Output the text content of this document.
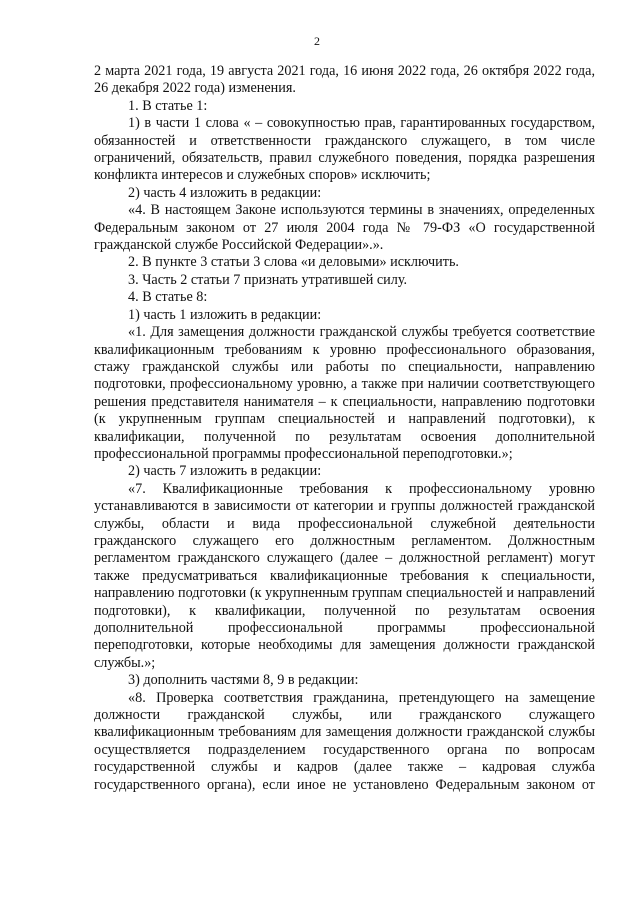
2

2 марта 2021 года, 19 августа 2021 года, 16 июня 2022 года, 26 октября 2022 года, 26 декабря 2022 года) изменения.

1. В статье 1:

1) в части 1 слова « – совокупностью прав, гарантированных государством, обязанностей и ответственности гражданского служащего, в том числе ограничений, обязательств, правил служебного поведения, порядка разрешения конфликта интересов и служебных споров» исключить;

2) часть 4 изложить в редакции:

«4. В настоящем Законе используются термины в значениях, определенных Федеральным законом от 27 июля 2004 года № 79-ФЗ «О государственной гражданской службе Российской Федерации».».

2. В пункте 3 статьи 3 слова «и деловыми» исключить.

3. Часть 2 статьи 7 признать утратившей силу.

4. В статье 8:

1) часть 1 изложить в редакции:

«1. Для замещения должности гражданской службы требуется соответствие квалификационным требованиям к уровню профессионального образования, стажу гражданской службы или работы по специальности, направлению подготовки, профессиональному уровню, а также при наличии соответствующего решения представителя нанимателя – к специальности, направлению подготовки (к укрупненным группам специальностей и направлений подготовки), к квалификации, полученной по результатам освоения дополнительной профессиональной программы профессиональной переподготовки.»;

2) часть 7 изложить в редакции:

«7. Квалификационные требования к профессиональному уровню устанавливаются в зависимости от категории и группы должностей гражданской службы, области и вида профессиональной служебной деятельности гражданского служащего его должностным регламентом. Должностным регламентом гражданского служащего (далее – должностной регламент) могут также предусматриваться квалификационные требования к специальности, направлению подготовки (к укрупненным группам специальностей и направлений подготовки), к квалификации, полученной по результатам освоения дополнительной профессиональной программы профессиональной переподготовки, которые необходимы для замещения должности гражданской службы.»;

3) дополнить частями 8, 9 в редакции:

«8. Проверка соответствия гражданина, претендующего на замещение должности гражданской службы, или гражданского служащего квалификационным требованиям для замещения должности гражданской службы осуществляется подразделением государственного органа по вопросам государственной службы и кадров (далее также – кадровая служба государственного органа), если иное не установлено Федеральным законом от
